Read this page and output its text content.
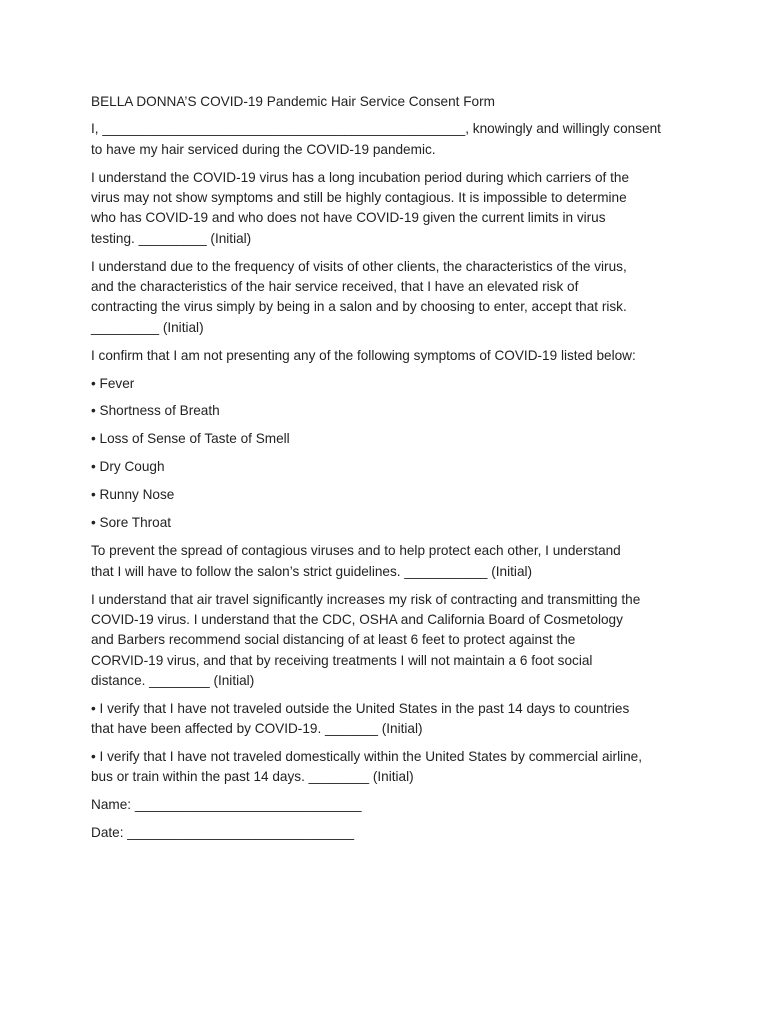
BELLA DONNA’S COVID-19 Pandemic Hair Service Consent Form

I, ________________________________________________, knowingly and willingly consent
to have my hair serviced during the COVID-19 pandemic.

I understand the COVID-19 virus has a long incubation period during which carriers of the
virus may not show symptoms and still be highly contagious. It is impossible to determine
who has COVID-19 and who does not have COVID-19 given the current limits in virus
testing. _________ (Initial)

I understand due to the frequency of visits of other clients, the characteristics of the virus,
and the characteristics of the hair service received, that I have an elevated risk of
contracting the virus simply by being in a salon and by choosing to enter, accept that risk.
_________ (Initial)

I confirm that I am not presenting any of the following symptoms of COVID-19 listed below:

• Fever

• Shortness of Breath

• Loss of Sense of Taste of Smell

• Dry Cough

• Runny Nose

• Sore Throat

To prevent the spread of contagious viruses and to help protect each other, I understand
that I will have to follow the salon’s strict guidelines. ___________ (Initial)

I understand that air travel significantly increases my risk of contracting and transmitting the
COVID-19 virus. I understand that the CDC, OSHA and California Board of Cosmetology
and Barbers recommend social distancing of at least 6 feet to protect against the
CORVID-19 virus, and that by receiving treatments I will not maintain a 6 foot social
distance. ________ (Initial)

• I verify that I have not traveled outside the United States in the past 14 days to countries
that have been affected by COVID-19. _______ (Initial)

• I verify that I have not traveled domestically within the United States by commercial airline,
bus or train within the past 14 days. ________ (Initial)

Name: ______________________________

Date: ______________________________
